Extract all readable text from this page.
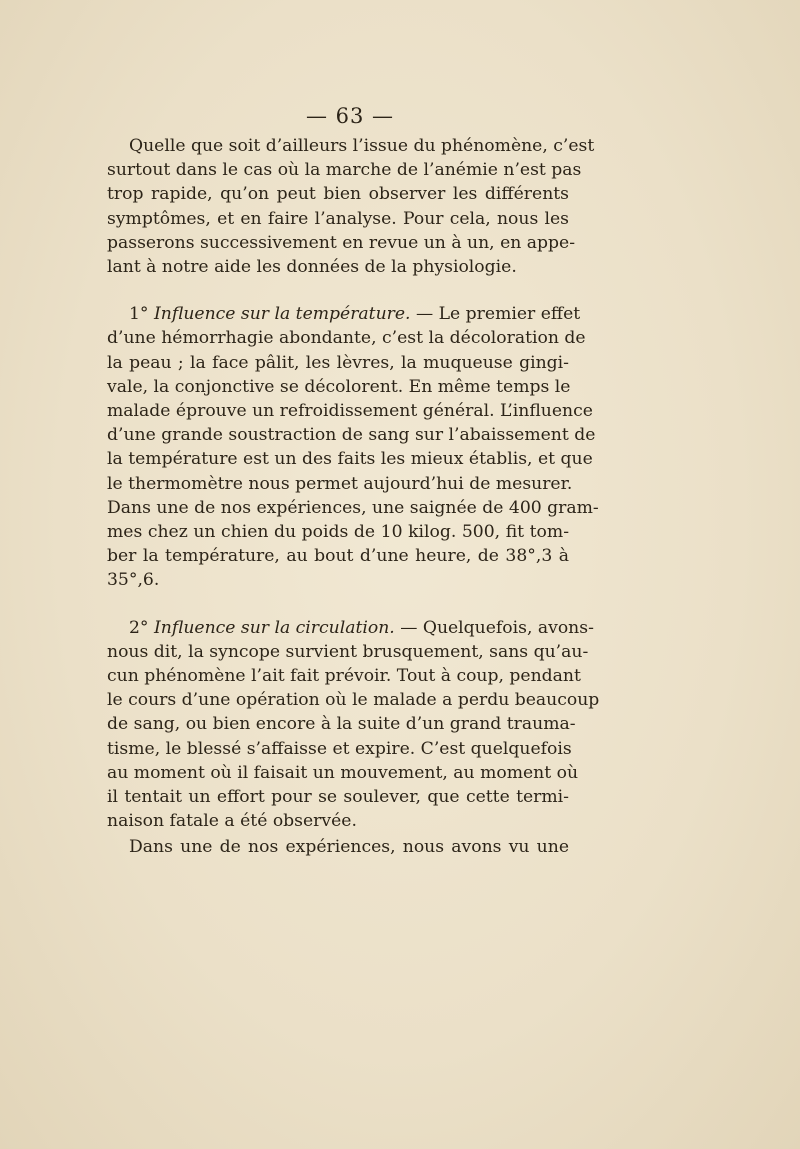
— 63 —
Quelle que soit d’ailleurs l’issue du phénomène, c’est
surtout dans le cas où la marche de l’anémie n’est pas
trop rapide, qu’on peut bien observer les différents
symptômes, et en faire l’analyse. Pour cela, nous les
passerons successivement en revue un à un, en appe-
lant à notre aide les données de la physiologie.
1° Influence sur la température. — Le premier effet
d’une hémorrhagie abondante, c’est la décoloration de
la peau ; la face pâlit, les lèvres, la muqueuse gingi-
vale, la conjonctive se décolorent. En même temps le
malade éprouve un refroidissement général. L’influence
d’une grande soustraction de sang sur l’abaissement de
la température est un des faits les mieux établis, et que
le thermomètre nous permet aujourd’hui de mesurer.
Dans une de nos expériences, une saignée de 400 gram-
mes chez un chien du poids de 10 kilog. 500, fit tom-
ber la température, au bout d’une heure, de 38°,3 à
35°,6.
2° Influence sur la circulation. — Quelquefois, avons-
nous dit, la syncope survient brusquement, sans qu’au-
cun phénomène l’ait fait prévoir. Tout à coup, pendant
le cours d’une opération où le malade a perdu beaucoup
de sang, ou bien encore à la suite d’un grand trauma-
tisme, le blessé s’affaisse et expire. C’est quelquefois
au moment où il faisait un mouvement, au moment où
il tentait un effort pour se soulever, que cette termi-
naison fatale a été observée.
Dans une de nos expériences, nous avons vu une
